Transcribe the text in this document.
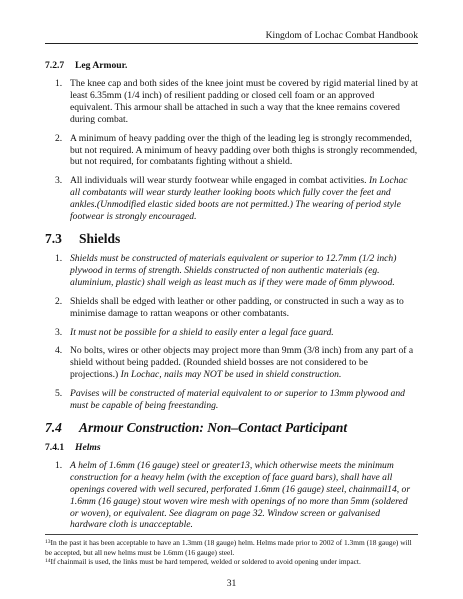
Kingdom of Lochac Combat Handbook
7.2.7 Leg Armour.
1. The knee cap and both sides of the knee joint must be covered by rigid material lined by at least 6.35mm (1/4 inch) of resilient padding or closed cell foam or an approved equivalent. This armour shall be attached in such a way that the knee remains covered during combat.
2. A minimum of heavy padding over the thigh of the leading leg is strongly recommended, but not required. A minimum of heavy padding over both thighs is strongly recommended, but not required, for combatants fighting without a shield.
3. All individuals will wear sturdy footwear while engaged in combat activities. In Lochac all combatants will wear sturdy leather looking boots which fully cover the feet and ankles.(Unmodified elastic sided boots are not permitted.) The wearing of period style footwear is strongly encouraged.
7.3 Shields
1. Shields must be constructed of materials equivalent or superior to 12.7mm (1/2 inch) plywood in terms of strength. Shields constructed of non authentic materials (eg. aluminium, plastic) shall weigh as least much as if they were made of 6mm plywood.
2. Shields shall be edged with leather or other padding, or constructed in such a way as to minimise damage to rattan weapons or other combatants.
3. It must not be possible for a shield to easily enter a legal face guard.
4. No bolts, wires or other objects may project more than 9mm (3/8 inch) from any part of a shield without being padded. (Rounded shield bosses are not considered to be projections.) In Lochac, nails may NOT be used in shield construction.
5. Pavises will be constructed of material equivalent to or superior to 13mm plywood and must be capable of being freestanding.
7.4 Armour Construction: Non–Contact Participant
7.4.1 Helms
1. A helm of 1.6mm (16 gauge) steel or greater13, which otherwise meets the minimum construction for a heavy helm (with the exception of face guard bars), shall have all openings covered with well secured, perforated 1.6mm (16 gauge) steel, chainmail14, or 1.6mm (16 gauge) stout woven wire mesh with openings of no more than 5mm (soldered or woven), or equivalent. See diagram on page 32. Window screen or galvanised hardware cloth is unacceptable.
$^{13}$In the past it has been acceptable to have an 1.3mm (18 gauge) helm. Helms made prior to 2002 of 1.3mm (18 gauge) will be accepted, but all new helms must be 1.6mm (16 gauge) steel.
$^{14}$If chainmail is used, the links must be hard tempered, welded or soldered to avoid opening under impact.
31
